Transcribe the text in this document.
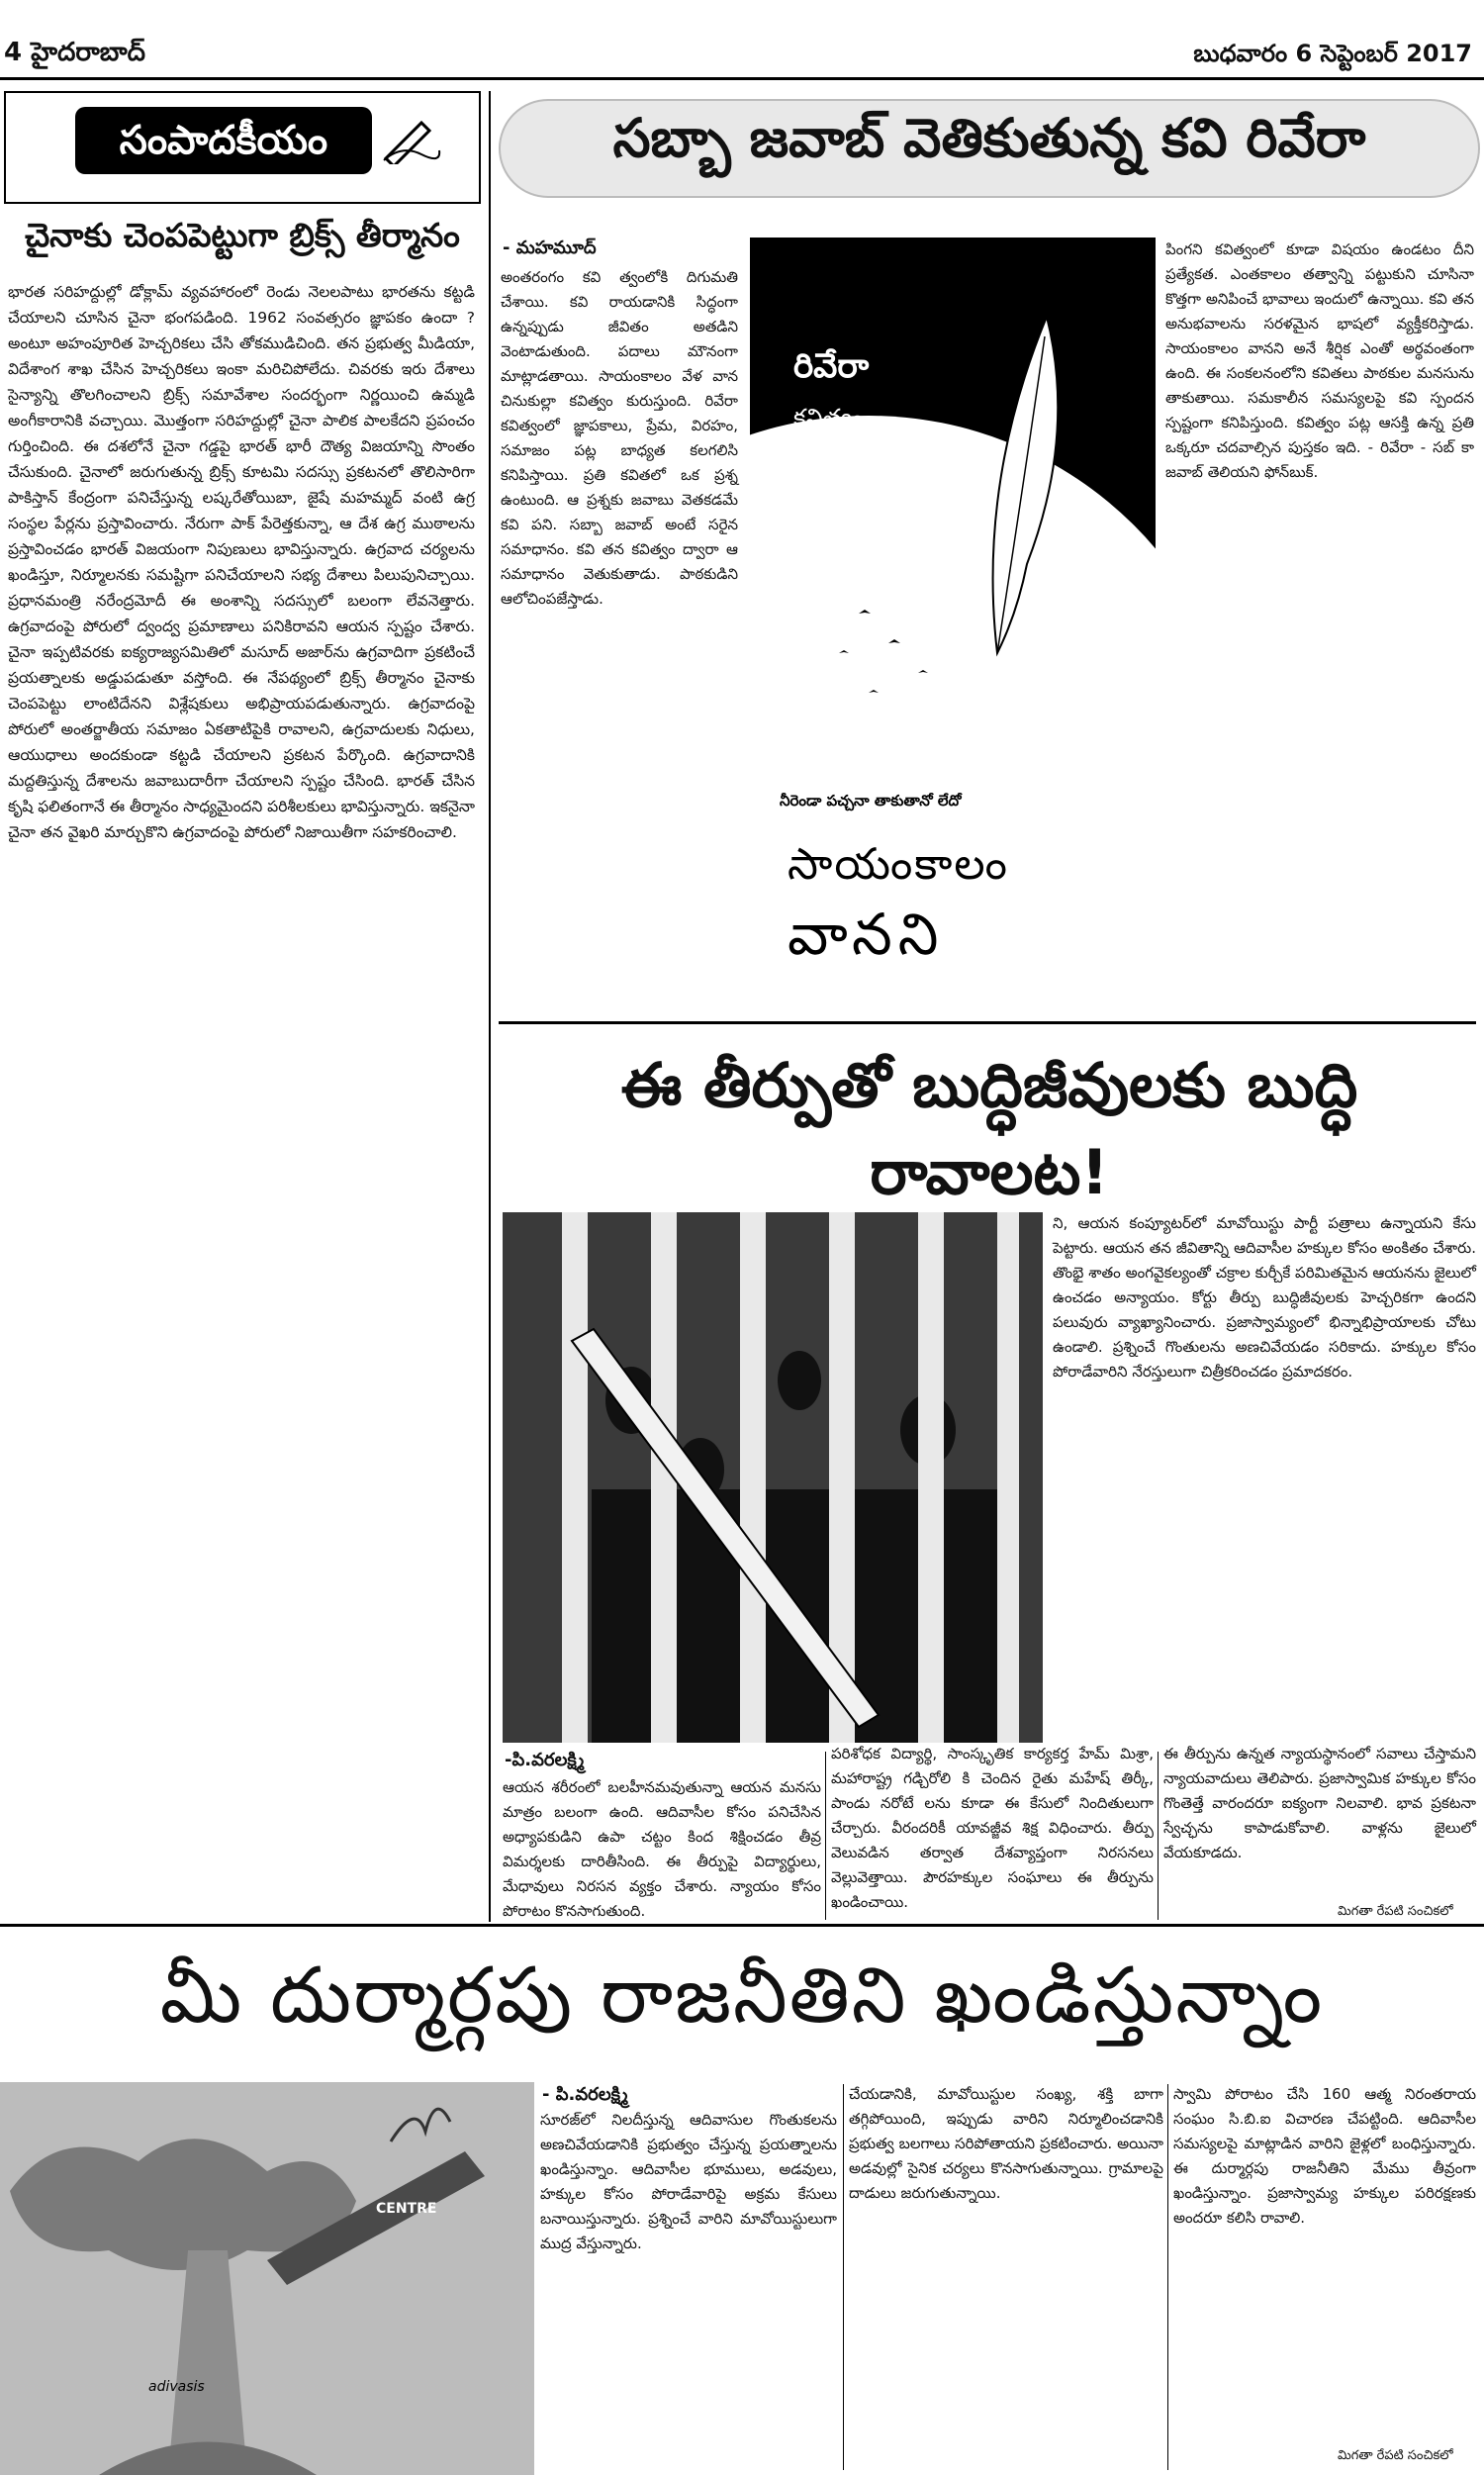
4 హైదరాబాద్	బుధవారం 6 సెప్టెంబర్ 2017
సంపాదకీయం
చైనాకు చెంపపెట్టుగా బ్రిక్స్ తీర్మానం
భారత సరిహద్దుల్లో డోక్లామ్ వ్యవహారంలో రెండు నెలలపాటు భారతను కట్టడి చేయాలని చూసిన చైనా భంగపడింది. 1962 సంవత్సరం జ్ఞాపకం ఉందా ? అంటూ అహంపూరిత హెచ్చరికలు చేసి తోకముడిచింది. తన ప్రభుత్వ మీడియా, విదేశాంగ శాఖ చేసిన హెచ్చరికలు ఇంకా మరిచిపోలేదు. చివరకు ఇరు దేశాలు సైన్యాన్ని తొలగించాలని బ్రిక్స్ సమావేశాల సందర్భంగా నిర్ణయించి ఉమ్మడి అంగీకారానికి వచ్చాయి. మొత్తంగా సరిహద్దుల్లో చైనా పాలిక పాలకేదని ప్రపంచం గుర్తించింది. ఈ దశలోనే చైనా గడ్డపై భారత్ భారీ దౌత్య విజయాన్ని సొంతం చేసుకుంది. చైనాలో జరుగుతున్న బ్రిక్స్ కూటమి సదస్సు ప్రకటనలో తొలిసారిగా పాకిస్తాన్ కేంద్రంగా పనిచేస్తున్న లష్కరేతోయిబా, జైషే మహమ్మద్ వంటి ఉగ్ర సంస్థల పేర్లను ప్రస్తావించారు. నేరుగా పాక్ పేరెత్తకున్నా, ఆ దేశ ఉగ్ర ముఠాలను ప్రస్తావించడం భారత్ విజయంగా నిపుణులు భావిస్తున్నారు. ఉగ్రవాద చర్యలను ఖండిస్తూ, నిర్మూలనకు సమష్టిగా పనిచేయాలని సభ్య దేశాలు పిలుపునిచ్చాయి. ప్రధానమంత్రి నరేంద్రమోదీ ఈ అంశాన్ని సదస్సులో బలంగా లేవనెత్తారు. ఉగ్రవాదంపై పోరులో ద్వంద్వ ప్రమాణాలు పనికిరావని ఆయన స్పష్టం చేశారు. చైనా ఇప్పటివరకు ఐక్యరాజ్యసమితిలో మసూద్ అజార్‌ను ఉగ్రవాదిగా ప్రకటించే ప్రయత్నాలకు అడ్డుపడుతూ వస్తోంది. ఈ నేపథ్యంలో బ్రిక్స్ తీర్మానం చైనాకు చెంపపెట్టు లాంటిదేనని విశ్లేషకులు అభిప్రాయపడుతున్నారు. ఉగ్రవాదంపై పోరులో అంతర్జాతీయ సమాజం ఏకతాటిపైకి రావాలని, ఉగ్రవాదులకు నిధులు, ఆయుధాలు అందకుండా కట్టడి చేయాలని ప్రకటన పేర్కొంది. ఉగ్రవాదానికి మద్దతిస్తున్న దేశాలను జవాబుదారీగా చేయాలని స్పష్టం చేసింది. భారత్ చేసిన కృషి ఫలితంగానే ఈ తీర్మానం సాధ్యమైందని పరిశీలకులు భావిస్తున్నారు. ఇకనైనా చైనా తన వైఖరి మార్చుకొని ఉగ్రవాదంపై పోరులో నిజాయితీగా సహకరించాలి.
సబ్బా జవాబ్ వెతికుతున్న కవి రివేరా
- మహమూద్
అంతరంగం కవి త్వంలోకి దిగుమతి చేశాయి. కవి రాయడానికి సిద్ధంగా ఉన్నప్పుడు జీవితం అతడిని వెంటాడుతుంది. పదాలు మౌనంగా మాట్లాడతాయి. సాయంకాలం వేళ వాన చినుకుల్లా కవిత్వం కురుస్తుంది. రివేరా కవిత్వంలో జ్ఞాపకాలు, ప్రేమ, విరహం, సమాజం పట్ల బాధ్యత కలగలిసి కనిపిస్తాయి. ప్రతి కవితలో ఒక ప్రశ్న ఉంటుంది. ఆ ప్రశ్నకు జవాబు వెతకడమే కవి పని. సబ్బా జవాబ్ అంటే సరైన సమాధానం. కవి తన కవిత్వం ద్వారా ఆ సమాధానం వెతుకుతాడు. పాఠకుడిని ఆలోచింపజేస్తాడు.
రివేరా
కవిత్వం
నీరెండా పచ్చనా తాకుతానో లేదో
సాయంకాలం
వానని
పింగని కవిత్వంలో కూడా విషయం ఉండటం దీని ప్రత్యేకత. ఎంతకాలం తత్వాన్ని పట్టుకుని చూసినా కొత్తగా అనిపించే భావాలు ఇందులో ఉన్నాయి. కవి తన అనుభవాలను సరళమైన భాషలో వ్యక్తీకరిస్తాడు. సాయంకాలం వానని అనే శీర్షిక ఎంతో అర్థవంతంగా ఉంది. ఈ సంకలనంలోని కవితలు పాఠకుల మనసును తాకుతాయి. సమకాలీన సమస్యలపై కవి స్పందన స్పష్టంగా కనిపిస్తుంది. కవిత్వం పట్ల ఆసక్తి ఉన్న ప్రతి ఒక్కరూ చదవాల్సిన పుస్తకం ఇది. - రివేరా - సబ్ కా జవాబ్ తెలియని ఫోన్‌బుక్.
ఈ తీర్పుతో బుద్ధిజీవులకు బుద్ధి రావాలట!
ని, ఆయన కంప్యూటర్‌లో మావోయిస్టు పార్టీ పత్రాలు ఉన్నాయని కేసు పెట్టారు. ఆయన తన జీవితాన్ని ఆదివాసీల హక్కుల కోసం అంకితం చేశారు. తొంభై శాతం అంగవైకల్యంతో చక్రాల కుర్చీకే పరిమితమైన ఆయనను జైలులో ఉంచడం అన్యాయం. కోర్టు తీర్పు బుద్ధిజీవులకు హెచ్చరికగా ఉందని పలువురు వ్యాఖ్యానించారు. ప్రజాస్వామ్యంలో భిన్నాభిప్రాయాలకు చోటు ఉండాలి. ప్రశ్నించే గొంతులను అణచివేయడం సరికాదు. హక్కుల కోసం పోరాడేవారిని నేరస్తులుగా చిత్రీకరించడం ప్రమాదకరం.
-పి.వరలక్ష్మి
ఆయన శరీరంలో బలహీనమవుతున్నా ఆయన మనసు మాత్రం బలంగా ఉంది. ఆదివాసీల కోసం పనిచేసిన అధ్యాపకుడిని ఉపా చట్టం కింద శిక్షించడం తీవ్ర విమర్శలకు దారితీసింది. ఈ తీర్పుపై విద్యార్థులు, మేధావులు నిరసన వ్యక్తం చేశారు. న్యాయం కోసం పోరాటం కొనసాగుతుంది.
పరిశోధక విద్యార్థి, సాంస్కృతిక కార్యకర్త హేమ్ మిశ్రా, మహారాష్ట్ర గడ్చిరోలి కి చెందిన రైతు మహేష్ తిర్కీ, పాండు నరోటే లను కూడా ఈ కేసులో నిందితులుగా చేర్చారు. వీరందరికీ యావజ్జీవ శిక్ష విధించారు. తీర్పు వెలువడిన తర్వాత దేశవ్యాప్తంగా నిరసనలు వెల్లువెత్తాయి. పౌరహక్కుల సంఘాలు ఈ తీర్పును ఖండించాయి.
ఈ తీర్పును ఉన్నత న్యాయస్థానంలో సవాలు చేస్తామని న్యాయవాదులు తెలిపారు. ప్రజాస్వామిక హక్కుల కోసం గొంతెత్తే వారందరూ ఐక్యంగా నిలవాలి. భావ ప్రకటనా స్వేచ్ఛను కాపాడుకోవాలి. వాళ్లను జైలులో వేయకూడదు.
మిగతా రేపటి సంచికలో
మీ దుర్మార్గపు రాజనీతిని ఖండిస్తున్నాం
adivasis
CENTRE
- పి.వరలక్ష్మి
సూరజ్‌లో నిలదీస్తున్న ఆదివాసుల గొంతుకలను అణచివేయడానికి ప్రభుత్వం చేస్తున్న ప్రయత్నాలను ఖండిస్తున్నాం. ఆదివాసీల భూములు, అడవులు, హక్కుల కోసం పోరాడేవారిపై అక్రమ కేసులు బనాయిస్తున్నారు. ప్రశ్నించే వారిని మావోయిస్టులుగా ముద్ర వేస్తున్నారు.
చేయడానికి, మావోయిస్టుల సంఖ్య, శక్తి బాగా తగ్గిపోయింది, ఇప్పుడు వారిని నిర్మూలించడానికి ప్రభుత్వ బలగాలు సరిపోతాయని ప్రకటించారు. అయినా అడవుల్లో సైనిక చర్యలు కొనసాగుతున్నాయి. గ్రామాలపై దాడులు జరుగుతున్నాయి.
స్వామి పోరాటం చేసి 160 ఆత్మ నిరంతరాయ సంఘం సి.బి.ఐ విచారణ చేపట్టింది. ఆదివాసీల సమస్యలపై మాట్లాడిన వారిని జైళ్లలో బంధిస్తున్నారు. ఈ దుర్మార్గపు రాజనీతిని మేము తీవ్రంగా ఖండిస్తున్నాం. ప్రజాస్వామ్య హక్కుల పరిరక్షణకు అందరూ కలిసి రావాలి.
మిగతా రేపటి సంచికలో
